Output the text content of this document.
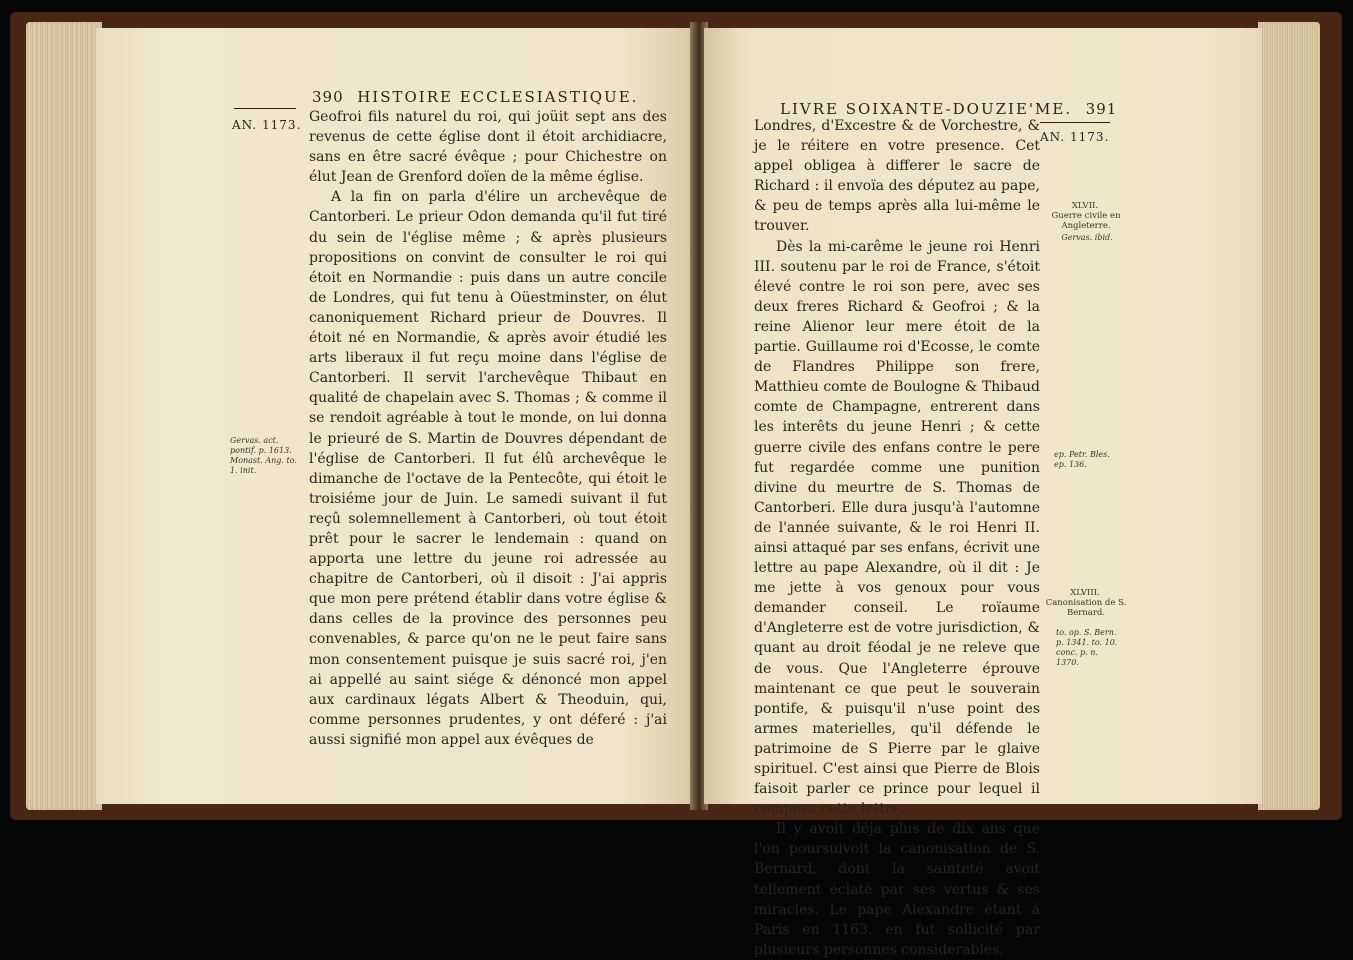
390 HISTOIRE ECCLESIASTIQUE.
AN. 1173. Geofroi fils naturel du roi, qui joüit sept ans des revenus de cette église dont il étoit archidiacre, sans en être sacré évêque ; pour Chichestre on élut Jean de Grenford doïen de la même église.

A la fin on parla d'élire un archevêque de Cantorberi. Le prieur Odon demanda qu'il fut tiré du sein de l'église même ; & après plusieurs propositions on convint de consulter le roi qui étoit en Normandie : puis dans un autre concile de Londres, qui fut tenu à Oüestminster, on élut canoniquement Richard prieur de Douvres. Il étoit né en Normandie, & après avoir étudié les arts liberaux il fut reçu moine dans l'église de Cantorberi. Il servit l'archevêque Thibaut en qualité de chapelain avec S. Thomas ; & comme il se rendoit agréable à tout le monde, on lui donna le prieuré de S. Martin de Douvres dépendant de l'église de Cantorberi. Il fut élû archevêque le dimanche de l'octave de la Pentecôte, qui étoit le troisiéme jour de Juin. Le samedi suivant il fut reçû solemnellement à Cantorberi, où tout étoit prêt pour le sacrer le lendemain : quand on apporta une lettre du jeune roi adressée au chapitre de Cantorberi, où il disoit : J'ai appris que mon pere prétend établir dans votre église & dans celles de la province des personnes peu convenables, & parce qu'on ne le peut faire sans mon consentement puisque je suis sacré roi, j'en ai appellé au saint siége & dénoncé mon appel aux cardinaux légats Albert & Theoduin, qui, comme personnes prudentes, y ont déferé : j'ai aussi signifié mon appel aux évêques de

Gervas. act. pontif. p. 1613. Monast. Ang. to. 1. init.
LIVRE SOIXANTE-DOUZIE'ME. 391
AN. 1173.

Londres, d'Excestre & de Vorchestre, & je le réitere en votre presence. Cet appel obligea à differer le sacre de Richard : il envoïa des députez au pape, & peu de temps après alla lui-même le trouver.

Dès la mi-carême le jeune roi Henri III. soutenu par le roi de France, s'étoit élevé contre le roi son pere, avec ses deux freres Richard & Geofroi ; & la reine Alienor leur mere étoit de la partie. Guillaume roi d'Ecosse, le comte de Flandres Philippe son frere, Matthieu comte de Boulogne & Thibaud comte de Champagne, entrerent dans les interêts du jeune Henri ; & cette guerre civile des enfans contre le pere fut regardée comme une punition divine du meurtre de S. Thomas de Cantorberi. Elle dura jusqu'à l'automne de l'année suivante, & le roi Henri II. ainsi attaqué par ses enfans, écrivit une lettre au pape Alexandre, où il dit : Je me jette à vos genoux pour vous demander conseil. Le roïaume d'Angleterre est de votre jurisdiction, & quant au droit féodal je ne releve que de vous. Que l'Angleterre éprouve maintenant ce que peut le souverain pontife, & puisqu'il n'use point des armes materielles, qu'il défende le patrimoine de S Pierre par le glaive spirituel. C'est ainsi que Pierre de Blois faisoit parler ce prince pour lequel il composa cette lettre.

Il y avoit déja plus de dix ans que l'on poursuivoit la canonisation de S. Bernard, dont la sainteté avoit tellement éclaté par ses vertus & ses miracles. Le pape Alexandre étant à Paris en 1163. en fut sollicité par plusieurs personnes considerables,

XLVII.
Guerre civile en Angleterre.
Gervas. ibid.
ep. Petr. Bles. ep. 136.
XLVIII.
Canonisation de S. Bernard.
to. op. S. Bern. p. 1341. to. 10. conc. p. n. 1370.
